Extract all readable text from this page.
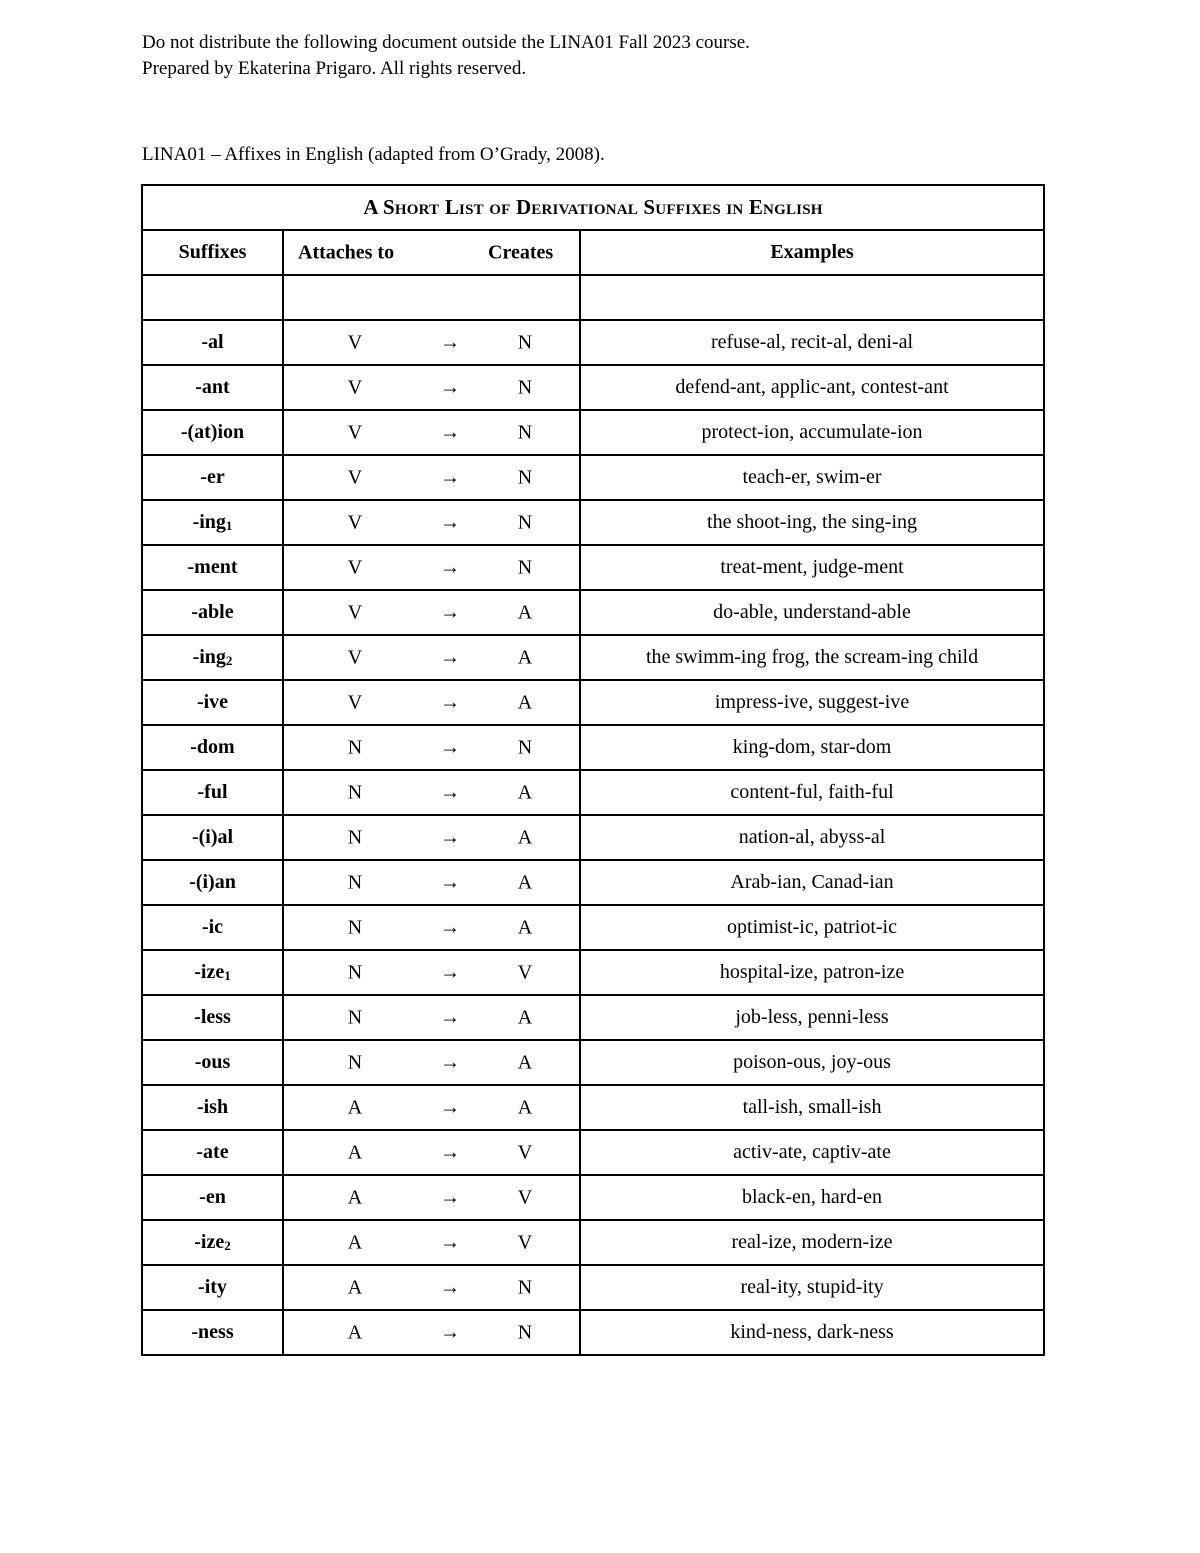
Do not distribute the following document outside the LINA01 Fall 2023 course.
Prepared by Ekaterina Prigaro. All rights reserved.
LINA01 – Affixes in English (adapted from O’Grady, 2008).
A Short List of Derivational Suffixes in English		
Suffixes	Attaches to Creates	Examples

-al	V → N	refuse-al, recit-al, deni-al
-ant	V → N	defend-ant, applic-ant, contest-ant
-(at)ion	V → N	protect-ion, accumulate-ion
-er	V → N	teach-er, swim-er
-ing$_1$	V → N	the shoot-ing, the sing-ing
-ment	V → N	treat-ment, judge-ment
-able	V → A	do-able, understand-able
-ing$_2$	V → A	the swimm-ing frog, the scream-ing child
-ive	V → A	impress-ive, suggest-ive
-dom	N → N	king-dom, star-dom
-ful	N → A	content-ful, faith-ful
-(i)al	N → A	nation-al, abyss-al
-(i)an	N → A	Arab-ian, Canad-ian
-ic	N → A	optimist-ic, patriot-ic
-ize$_1$	N → V	hospital-ize, patron-ize
-less	N → A	job-less, penni-less
-ous	N → A	poison-ous, joy-ous
-ish	A → A	tall-ish, small-ish
-ate	A → V	activ-ate, captiv-ate
-en	A → V	black-en, hard-en
-ize$_2$	A → V	real-ize, modern-ize
-ity	A → N	real-ity, stupid-ity
-ness	A → N	kind-ness, dark-ness
